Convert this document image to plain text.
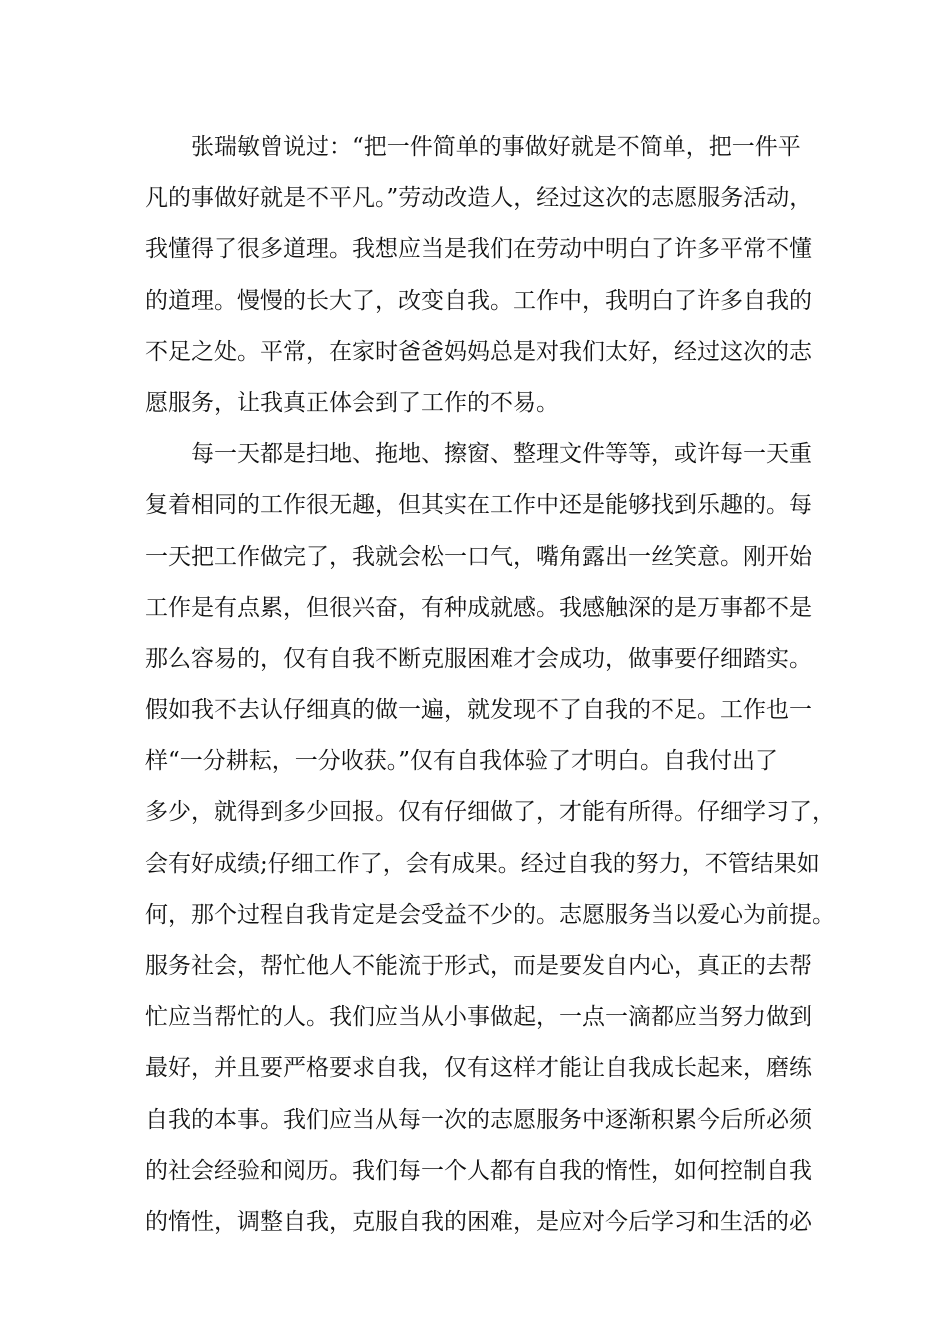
张瑞敏曾说过：“把一件简单的事做好就是不简单，把一件平
凡的事做好就是不平凡。”劳动改造人，经过这次的志愿服务活动，
我懂得了很多道理。我想应当是我们在劳动中明白了许多平常不懂
的道理。慢慢的长大了，改变自我。工作中，我明白了许多自我的
不足之处。平常，在家时爸爸妈妈总是对我们太好，经过这次的志
愿服务，让我真正体会到了工作的不易。
每一天都是扫地、拖地、擦窗、整理文件等等，或许每一天重
复着相同的工作很无趣，但其实在工作中还是能够找到乐趣的。每
一天把工作做完了，我就会松一口气，嘴角露出一丝笑意。刚开始
工作是有点累，但很兴奋，有种成就感。我感触深的是万事都不是
那么容易的，仅有自我不断克服困难才会成功，做事要仔细踏实。
假如我不去认仔细真的做一遍，就发现不了自我的不足。工作也一
样“一分耕耘，一分收获。”仅有自我体验了才明白。自我付出了
多少，就得到多少回报。仅有仔细做了，才能有所得。仔细学习了，
会有好成绩;仔细工作了，会有成果。经过自我的努力，不管结果如
何，那个过程自我肯定是会受益不少的。志愿服务当以爱心为前提。
服务社会，帮忙他人不能流于形式，而是要发自内心，真正的去帮
忙应当帮忙的人。我们应当从小事做起，一点一滴都应当努力做到
最好，并且要严格要求自我，仅有这样才能让自我成长起来，磨练
自我的本事。我们应当从每一次的志愿服务中逐渐积累今后所必须
的社会经验和阅历。我们每一个人都有自我的惰性，如何控制自我
的惰性，调整自我，克服自我的困难，是应对今后学习和生活的必
